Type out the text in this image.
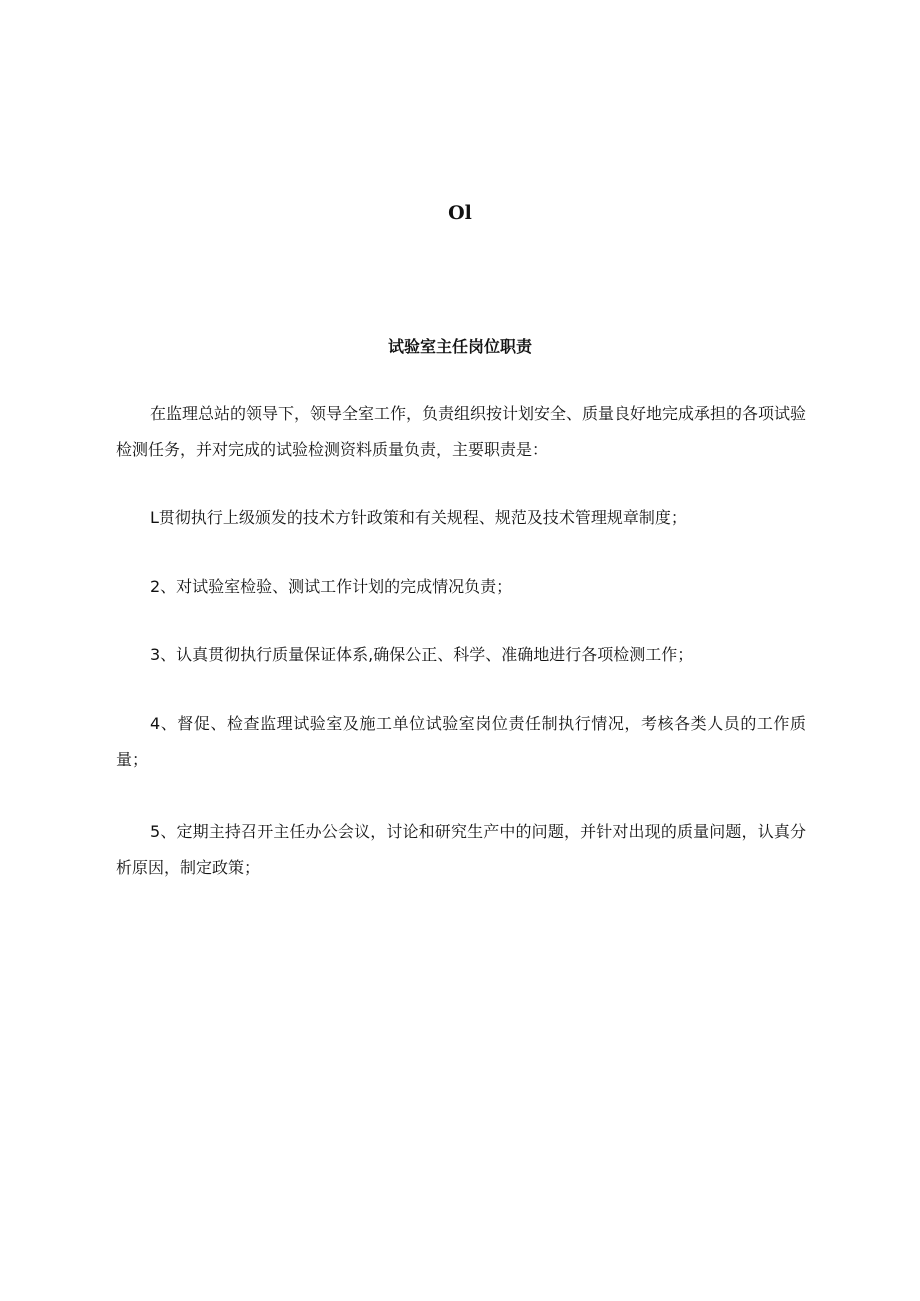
Ol
试验室主任岗位职责

在监理总站的领导下，领导全室工作，负责组织按计划安全、质量良好地完成承担的各项试验检测任务，并对完成的试验检测资料质量负责，主要职责是：

L贯彻执行上级颁发的技术方针政策和有关规程、规范及技术管理规章制度；

2、对试验室检验、测试工作计划的完成情况负责；

3、认真贯彻执行质量保证体系,确保公正、科学、准确地进行各项检测工作；

4、督促、检查监理试验室及施工单位试验室岗位责任制执行情况，考核各类人员的工作质量；

5、定期主持召开主任办公会议，讨论和研究生产中的问题，并针对出现的质量问题，认真分析原因，制定政策；
